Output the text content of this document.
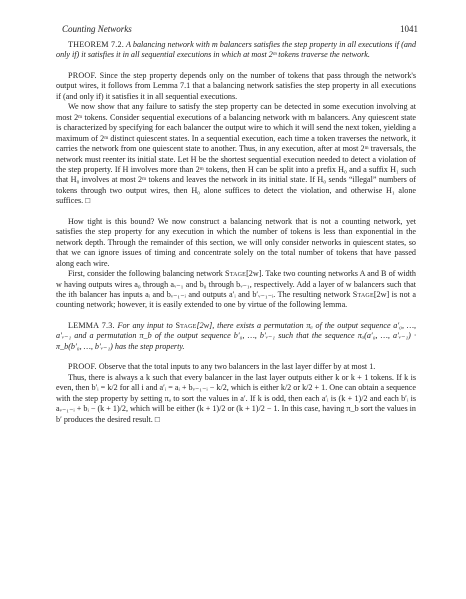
Counting Networks	1041

THEOREM 7.2. A balancing network with m balancers satisfies the step property in all executions if (and only if) it satisfies it in all sequential executions in which at most 2ᵐ tokens traverse the network.

PROOF. Since the step property depends only on the number of tokens that pass through the network's output wires, it follows from Lemma 7.1 that a balancing network satisfies the step property in all executions if (and only if) it satisfies it in all sequential executions.

We now show that any failure to satisfy the step property can be detected in some execution involving at most 2ᵐ tokens. Consider sequential executions of a balancing network with m balancers. Any quiescent state is characterized by specifying for each balancer the output wire to which it will send the next token, yielding a maximum of 2ᵐ distinct quiescent states. In a sequential execution, each time a token traverses the network, it carries the network from one quiescent state to another. Thus, in any execution, after at most 2ᵐ traversals, the network must reenter its initial state. Let H be the shortest sequential execution needed to detect a violation of the step property. If H involves more than 2ᵐ tokens, then H can be split into a prefix H₀ and a suffix H₁ such that H₀ involves at most 2ᵐ tokens and leaves the network in its initial state. If H₀ sends “illegal” numbers of tokens through two output wires, then H₀ alone suffices to detect the violation, and otherwise H₁ alone suffices. □

How tight is this bound? We now construct a balancing network that is not a counting network, yet satisfies the step property for any execution in which the number of tokens is less than exponential in the network depth. Through the remainder of this section, we will only consider networks in quiescent states, so that we can ignore issues of timing and concentrate solely on the total number of tokens that have passed along each wire.

First, consider the following balancing network Stage[2w]. Take two counting networks A and B of width w having outputs wires a₀ through aᵥ₋₁ and b₀ through bᵥ₋₁, respectively. Add a layer of w balancers such that the ith balancer has inputs aᵢ and bᵥ₋₁₋ᵢ and outputs a′ᵢ and b′ᵥ₋₁₋ᵢ. The resulting network Stage[2w] is not a counting network; however, it is easily extended to one by virtue of the following lemma.

LEMMA 7.3. For any input to Stage[2w], there exists a permutation πₐ of the output sequence a′₀, …, a′ᵥ₋₁ and a permutation π_b of the output sequence b′₀, …, b′ᵥ₋₁ such that the sequence πₐ(a′₀, …, a′ᵥ₋₁) · π_b(b′₀, …, b′ᵥ₋₁) has the step property.

PROOF. Observe that the total inputs to any two balancers in the last layer differ by at most 1.

Thus, there is always a k such that every balancer in the last layer outputs either k or k + 1 tokens. If k is even, then b′ᵢ = k/2 for all i and a′ᵢ = aᵢ + bᵥ₋₁₋ᵢ − k/2, which is either k/2 or k/2 + 1. One can obtain a sequence with the step property by setting πₐ to sort the values in a′. If k is odd, then each a′ᵢ is (k + 1)/2 and each b′ᵢ is aᵥ₋₁₋ᵢ + bᵢ − (k + 1)/2, which will be either (k + 1)/2 or (k + 1)/2 − 1. In this case, having π_b sort the values in b′ produces the desired result. □
